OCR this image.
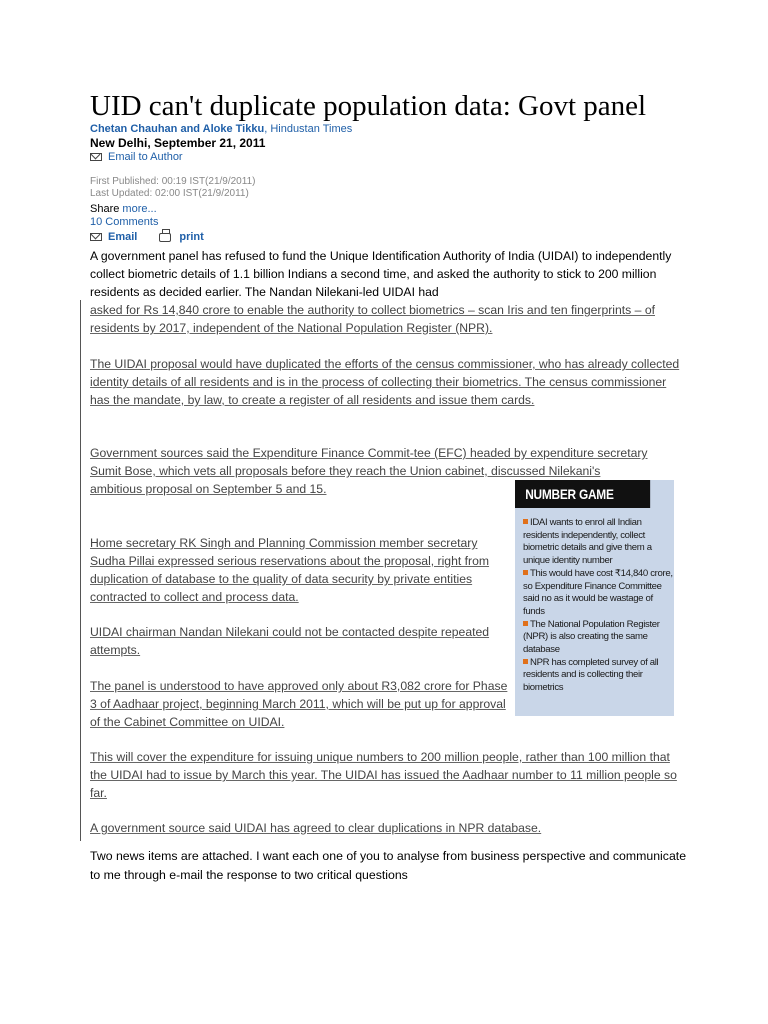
UID can't duplicate population data: Govt panel
Chetan Chauhan and Aloke Tikku, Hindustan Times
New Delhi, September 21, 2011
Email to Author
First Published: 00:19 IST(21/9/2011)
Last Updated: 02:00 IST(21/9/2011)
Share more...
10 Comments
Email	print
A government panel has refused to fund the Unique Identification Authority of India (UIDAI) to independently collect biometric details of 1.1 billion Indians a second time, and asked the authority to stick to 200 million residents as decided earlier. The Nandan Nilekani-led UIDAI had
asked for Rs 14,840 crore to enable the authority to collect biometrics – scan Iris and ten fingerprints – of residents by 2017, independent of the National Population Register (NPR).
The UIDAI proposal would have duplicated the efforts of the census commissioner, who has already collected identity details of all residents and is in the process of collecting their biometrics. The census commissioner has the mandate, by law, to create a register of all residents and issue them cards.
Government sources said the Expenditure Finance Commit-tee (EFC) headed by expenditure secretary Sumit Bose, which vets all proposals before they reach the Union cabinet, discussed Nilekani's ambitious proposal on September 5 and 15.
Home secretary RK Singh and Planning Commission member secretary Sudha Pillai expressed serious reservations about the proposal, right from duplication of database to the quality of data security by private entities contracted to collect and process data.
UIDAI chairman Nandan Nilekani could not be contacted despite repeated attempts.
The panel is understood to have approved only about R3,082 crore for Phase 3 of Aadhaar project, beginning March 2011, which will be put up for approval of the Cabinet Committee on UIDAI.
This will cover the expenditure for issuing unique numbers to 200 million people, rather than 100 million that the UIDAI had to issue by March this year. The UIDAI has issued the Aadhaar number to 11 million people so far.
A government source said UIDAI has agreed to clear duplications in NPR database.
NUMBER GAME
IDAI wants to enrol all Indian residents independently, collect biometric details and give them a unique identity number
This would have cost ₹14,840 crore, so Expenditure Finance Committee said no as it would be wastage of funds
The National Population Register (NPR) is also creating the same database
NPR has completed survey of all residents and is collecting their biometrics
Two news items are attached. I want each one of you to analyse from business perspective and communicate to me through e-mail the response to two critical questions
